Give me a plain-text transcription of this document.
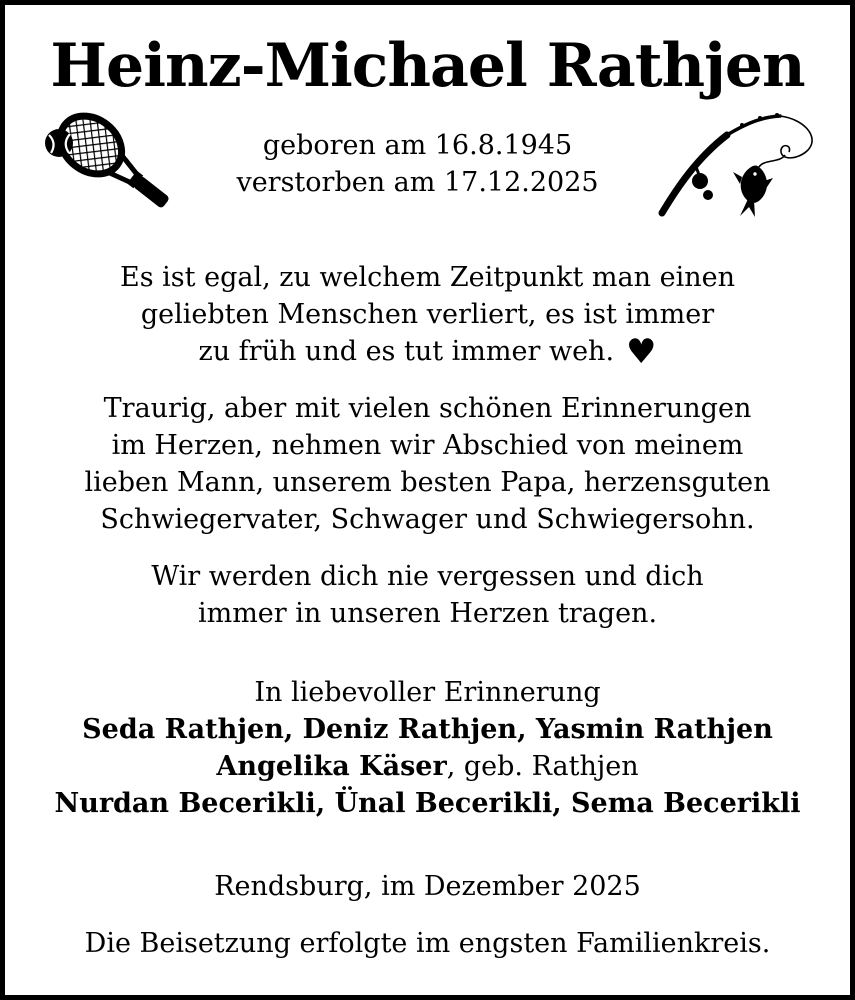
Heinz-Michael Rathjen
geboren am 16.8.1945
verstorben am 17.12.2025

Es ist egal, zu welchem Zeitpunkt man einen
geliebten Menschen verliert, es ist immer
zu früh und es tut immer weh. ♥

Traurig, aber mit vielen schönen Erinnerungen
im Herzen, nehmen wir Abschied von meinem
lieben Mann, unserem besten Papa, herzensguten
Schwiegervater, Schwager und Schwiegersohn.

Wir werden dich nie vergessen und dich
immer in unseren Herzen tragen.

In liebevoller Erinnerung
Seda Rathjen, Deniz Rathjen, Yasmin Rathjen
Angelika Käser, geb. Rathjen
Nurdan Becerikli, Ünal Becerikli, Sema Becerikli
Rendsburg, im Dezember 2025
Die Beisetzung erfolgte im engsten Familienkreis.
